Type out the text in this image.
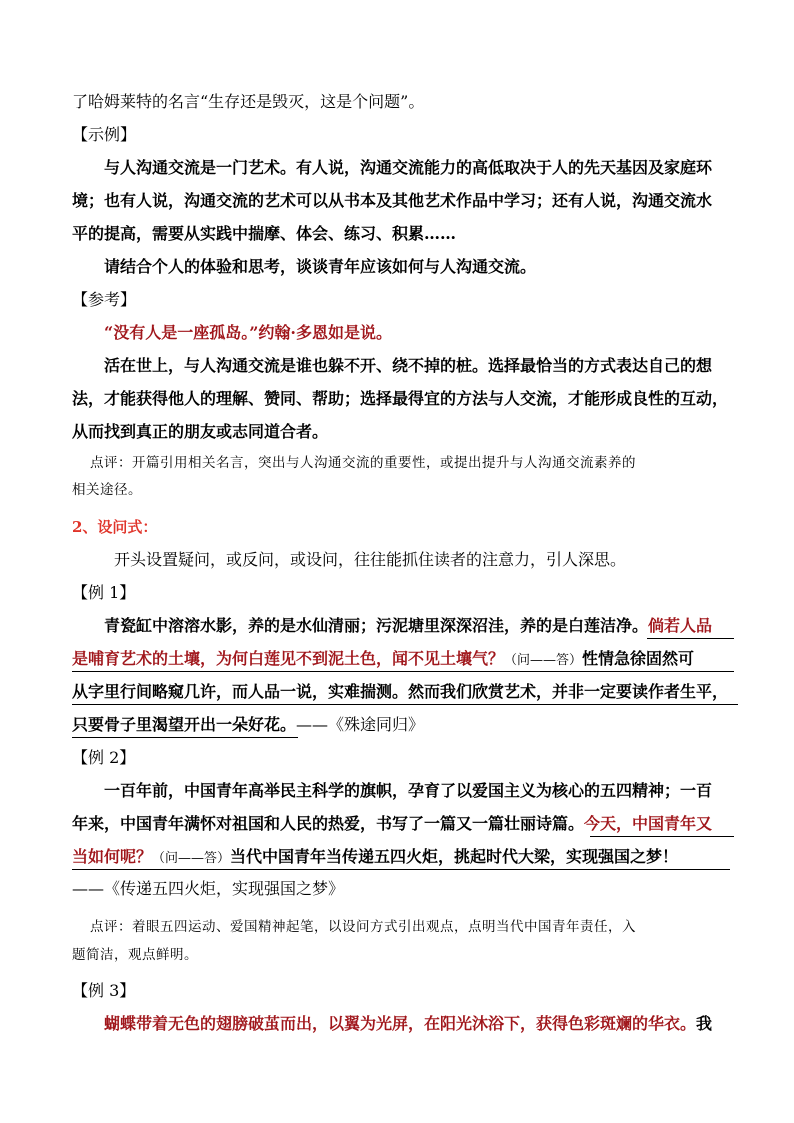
了哈姆莱特的名言“生存还是毁灭，这是个问题”。
【示例】
与人沟通交流是一门艺术。有人说，沟通交流能力的高低取决于人的先天基因及家庭环
境；也有人说，沟通交流的艺术可以从书本及其他艺术作品中学习；还有人说，沟通交流水
平的提高，需要从实践中揣摩、体会、练习、积累……
请结合个人的体验和思考，谈谈青年应该如何与人沟通交流。
【参考】
“没有人是一座孤岛。”约翰·多恩如是说。
活在世上，与人沟通交流是谁也躲不开、绕不掉的桩。选择最恰当的方式表达自己的想
法，才能获得他人的理解、赞同、帮助；选择最得宜的方法与人交流，才能形成良性的互动，
从而找到真正的朋友或志同道合者。
点评：开篇引用相关名言，突出与人沟通交流的重要性，或提出提升与人沟通交流素养的
相关途径。
2、设问式：
开头设置疑问，或反问，或设问，往往能抓住读者的注意力，引人深思。
【例 1】
青瓷缸中溶溶水影，养的是水仙清丽；污泥塘里深深沼洼，养的是白莲洁净。倘若人品
是哺育艺术的土壤，为何白莲见不到泥土色，闻不见土壤气？（问——答）性情急徐固然可
从字里行间略窥几许，而人品一说，实难揣测。然而我们欣赏艺术，并非一定要读作者生平，
只要骨子里渴望开出一朵好花。——《殊途同归》
【例 2】
一百年前，中国青年高举民主科学的旗帜，孕育了以爱国主义为核心的五四精神；一百
年来，中国青年满怀对祖国和人民的热爱，书写了一篇又一篇壮丽诗篇。今天，中国青年又
当如何呢？（问——答）当代中国青年当传递五四火炬，挑起时代大梁，实现强国之梦！
——《传递五四火炬，实现强国之梦》
点评：着眼五四运动、爱国精神起笔，以设问方式引出观点，点明当代中国青年责任，入
题简洁，观点鲜明。
【例 3】
蝴蝶带着无色的翅膀破茧而出，以翼为光屏，在阳光沐浴下，获得色彩斑斓的华衣。我
